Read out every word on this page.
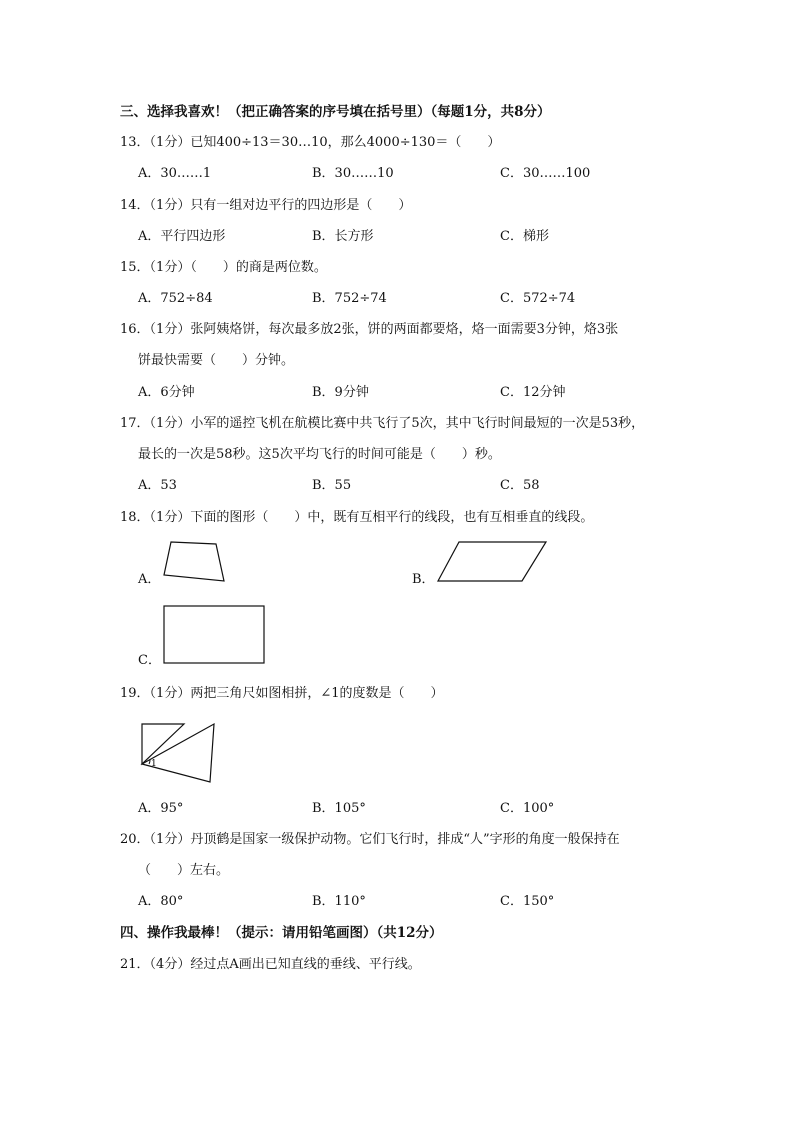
三、选择我喜欢！（把正确答案的序号填在括号里）（每题1分，共8分）
13．（1分）已知400÷13＝30…10，那么4000÷130＝（　　）
A．30……1	B．30……10	C．30……100
14．（1分）只有一组对边平行的四边形是（　　）
A．平行四边形	B．长方形	C．梯形
15．（1分）（　　）的商是两位数。
A．752÷84	B．752÷74	C．572÷74
16．（1分）张阿姨烙饼，每次最多放2张，饼的两面都要烙，烙一面需要3分钟，烙3张
饼最快需要（　　）分钟。
A．6分钟	B．9分钟	C．12分钟
17．（1分）小军的遥控飞机在航模比赛中共飞行了5次，其中飞行时间最短的一次是53秒，
最长的一次是58秒。这5次平均飞行的时间可能是（　　）秒。
A．53	B．55	C．58
18．（1分）下面的图形（　　）中，既有互相平行的线段，也有互相垂直的线段。
A．	B．
C．
19．（1分）两把三角尺如图相拼，∠1的度数是（　　）
1
A．95°	B．105°	C．100°
20．（1分）丹顶鹤是国家一级保护动物。它们飞行时，排成“人”字形的角度一般保持在
（　　）左右。
A．80°	B．110°	C．150°
四、操作我最棒！（提示：请用铅笔画图）（共12分）
21．（4分）经过点A画出已知直线的垂线、平行线。
